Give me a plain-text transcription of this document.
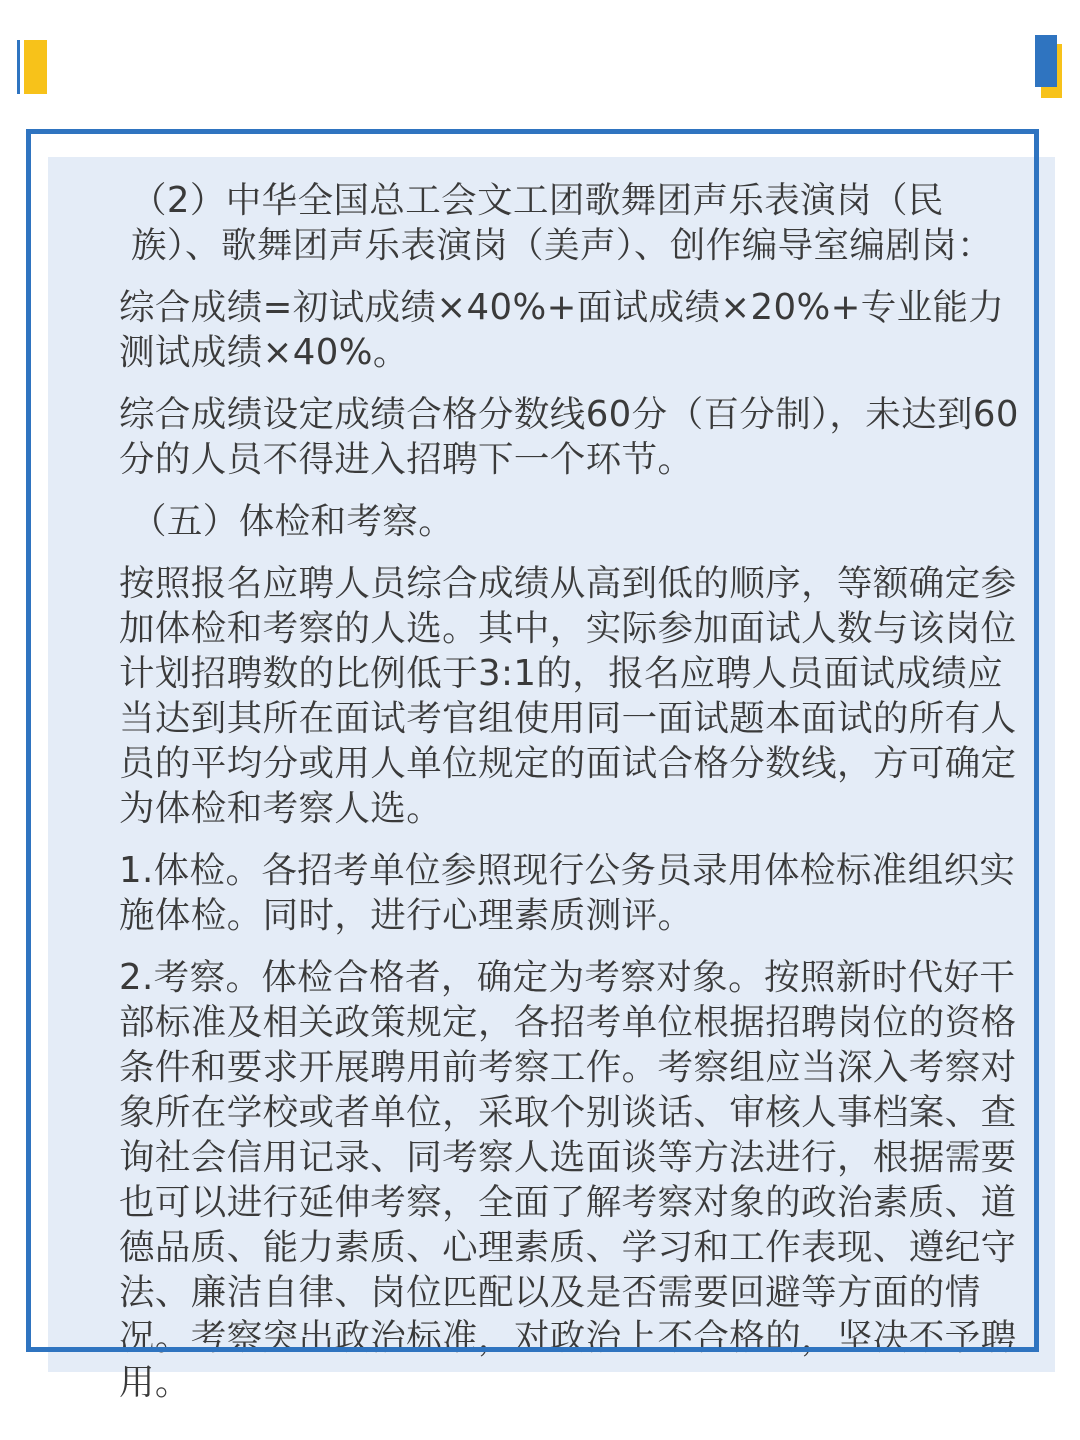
（2）中华全国总工会文工团歌舞团声乐表演岗（民族）、歌舞团声乐表演岗（美声）、创作编导室编剧岗：

综合成绩=初试成绩×40%+面试成绩×20%+专业能力测试成绩×40%。

综合成绩设定成绩合格分数线60分（百分制），未达到60分的人员不得进入招聘下一个环节。

（五）体检和考察。

按照报名应聘人员综合成绩从高到低的顺序，等额确定参加体检和考察的人选。其中，实际参加面试人数与该岗位计划招聘数的比例低于3:1的，报名应聘人员面试成绩应当达到其所在面试考官组使用同一面试题本面试的所有人员的平均分或用人单位规定的面试合格分数线，方可确定为体检和考察人选。

1.体检。各招考单位参照现行公务员录用体检标准组织实施体检。同时，进行心理素质测评。

2.考察。体检合格者，确定为考察对象。按照新时代好干部标准及相关政策规定，各招考单位根据招聘岗位的资格条件和要求开展聘用前考察工作。考察组应当深入考察对象所在学校或者单位，采取个别谈话、审核人事档案、查询社会信用记录、同考察人选面谈等方法进行，根据需要也可以进行延伸考察，全面了解考察对象的政治素质、道德品质、能力素质、心理素质、学习和工作表现、遵纪守法、廉洁自律、岗位匹配以及是否需要回避等方面的情况。考察突出政治标准，对政治上不合格的，坚决不予聘用。
